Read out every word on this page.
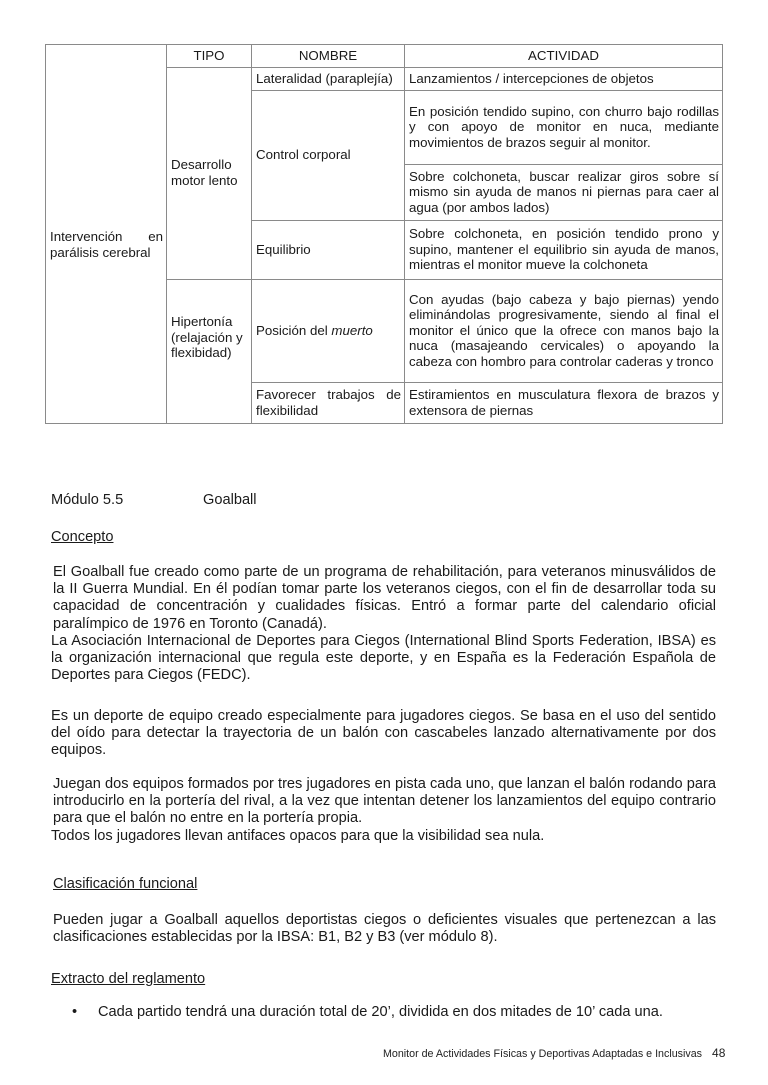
	TIPO	NOMBRE	ACTIVIDAD
Intervención en parálisis cerebral	Desarrollo motor lento	Lateralidad (paraplejía)	Lanzamientos / intercepciones de objetos
		Control corporal	En posición tendido supino, con churro bajo rodillas y con apoyo de monitor en nuca, mediante movimientos de brazos seguir al monitor.
			Sobre colchoneta, buscar realizar giros sobre sí mismo sin ayuda de manos ni piernas para caer al agua (por ambos lados)
		Equilibrio	Sobre colchoneta, en posición tendido prono y supino, mantener el equilibrio sin ayuda de manos, mientras el monitor mueve la colchoneta
	Hipertonía (relajación y flexibidad)	Posición del muerto	Con ayudas (bajo cabeza y bajo piernas) yendo eliminándolas progresivamente, siendo al final el monitor el único que la ofrece con manos bajo la nuca (masajeando cervicales) o apoyando la cabeza con hombro para controlar caderas y tronco
		Favorecer trabajos de flexibilidad	Estiramientos en musculatura flexora de brazos y extensora de piernas
Módulo 5.5	Goalball
Concepto
El Goalball fue creado como parte de un programa de rehabilitación, para veteranos minusválidos de la II Guerra Mundial. En él podían tomar parte los veteranos ciegos, con el fin de desarrollar toda su capacidad de concentración y cualidades físicas. Entró a formar parte del calendario oficial paralímpico de 1976 en Toronto (Canadá).
La Asociación Internacional de Deportes para Ciegos (International Blind Sports Federation, IBSA) es la organización internacional que regula este deporte, y en España es la Federación Española de Deportes para Ciegos (FEDC).
Es un deporte de equipo creado especialmente para jugadores ciegos. Se basa en el uso del sentido del oído para detectar la trayectoria de un balón con cascabeles lanzado alternativamente por dos equipos.
Juegan dos equipos formados por tres jugadores en pista cada uno, que lanzan el balón rodando para introducirlo en la portería del rival, a la vez que intentan detener los lanzamientos del equipo contrario para que el balón no entre en la portería propia.
Todos los jugadores llevan antifaces opacos para que la visibilidad sea nula.
Clasificación funcional
Pueden jugar a Goalball aquellos deportistas ciegos o deficientes visuales que pertenezcan a las clasificaciones establecidas por la IBSA: B1, B2 y B3 (ver módulo 8).
Extracto del reglamento
• Cada partido tendrá una duración total de 20’, dividida en dos mitades de 10’ cada una.
Monitor de Actividades Físicas y Deportivas Adaptadas e Inclusivas 48
